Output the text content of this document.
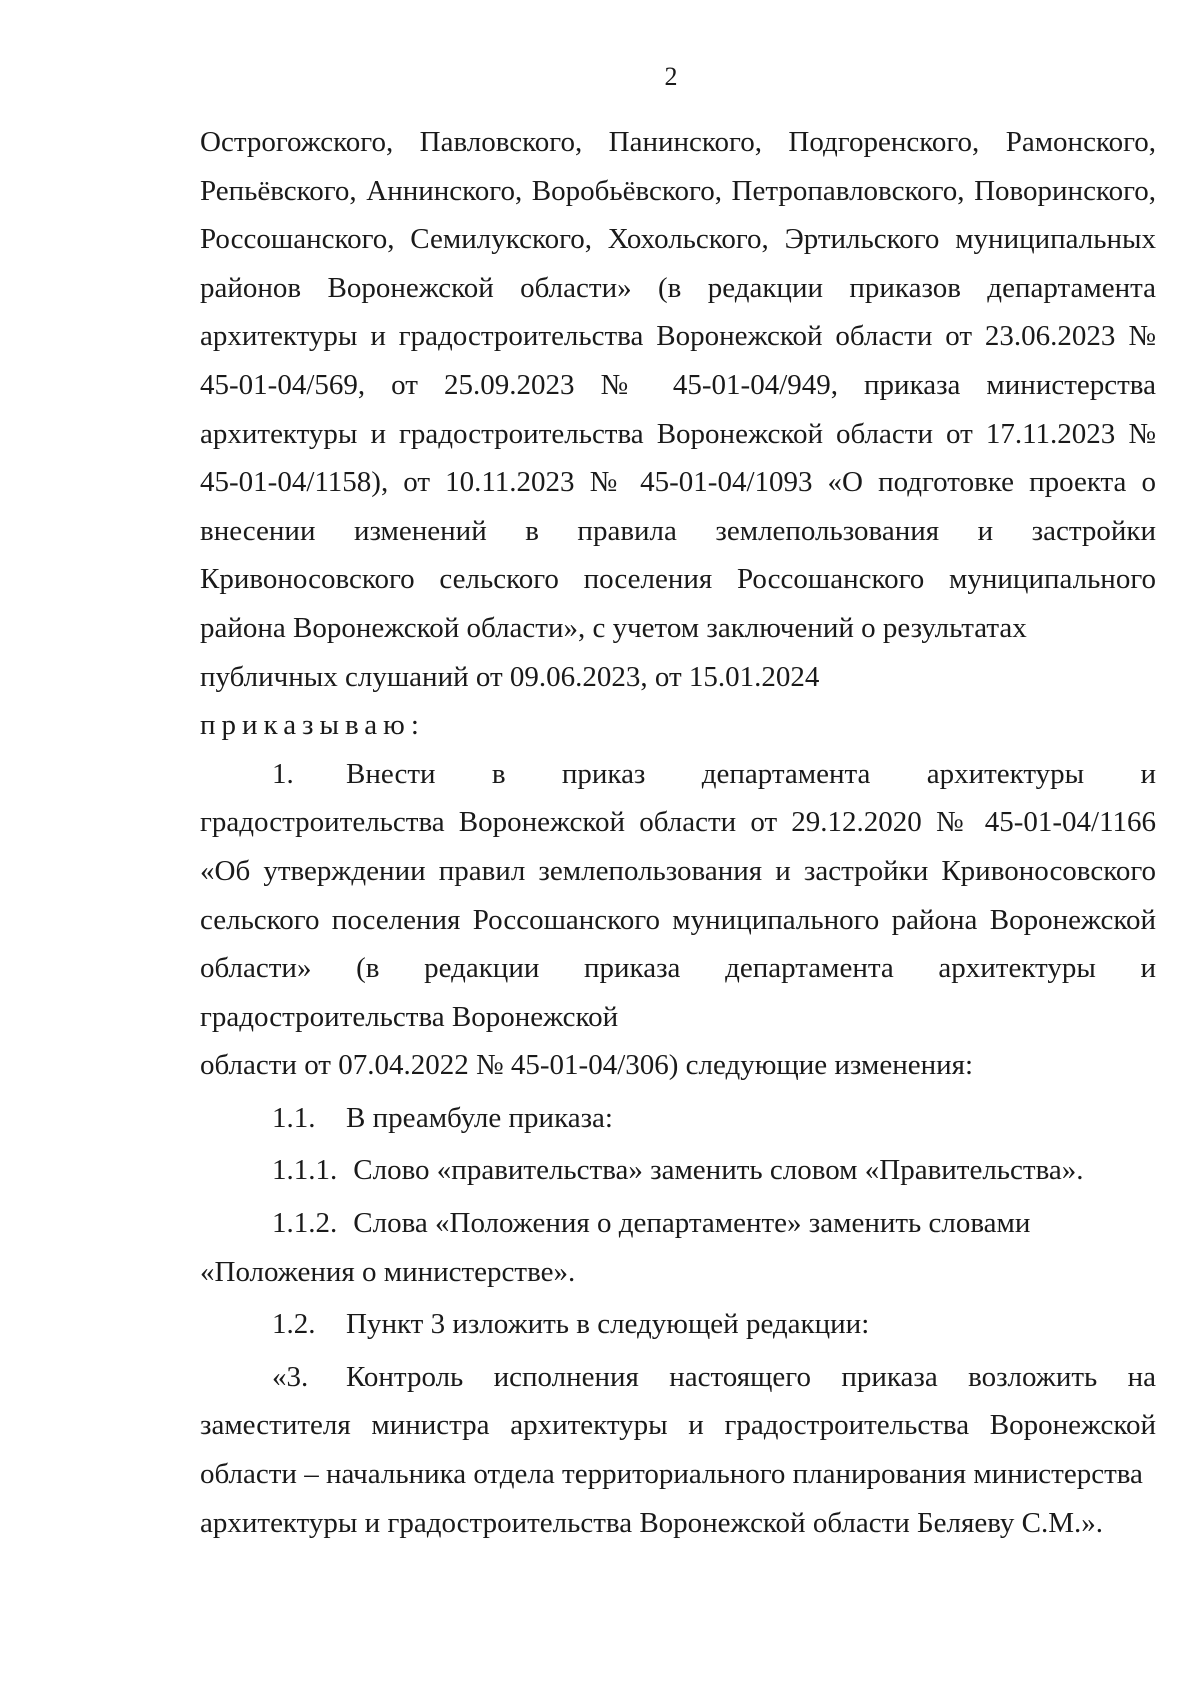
2

Острогожского, Павловского, Панинского, Подгоренского, Рамонского, Репьёвского, Аннинского, Воробьёвского, Петропавловского, Поворинского, Россошанского, Семилукского, Хохольского, Эртильского муниципальных районов Воронежской области» (в редакции приказов департамента архитектуры и градостроительства Воронежской области от 23.06.2023 № 45-01-04/569, от 25.09.2023 № 45-01-04/949, приказа министерства архитектуры и градостроительства Воронежской области от 17.11.2023 № 45-01-04/1158), от 10.11.2023 № 45-01-04/1093 «О подготовке проекта о внесении изменений в правила землепользования и застройки Кривоносовского сельского поселения Россошанского муниципального района Воронежской области», с учетом заключений о результатах

публичных слушаний от 09.06.2023, от 15.01.2024

приказываю:

1. Внести в приказ департамента архитектуры и градостроительства Воронежской области от 29.12.2020 № 45-01-04/1166 «Об утверждении правил землепользования и застройки Кривоносовского сельского поселения Россошанского муниципального района Воронежской области» (в редакции приказа департамента архитектуры и градостроительства Воронежской

области от 07.04.2022 № 45-01-04/306) следующие изменения:

1.1. В преамбуле приказа:

1.1.1. Слово «правительства» заменить словом «Правительства».

1.1.2. Слова «Положения о департаменте» заменить словами

«Положения о министерстве».

1.2. Пункт 3 изложить в следующей редакции:

«3. Контроль исполнения настоящего приказа возложить на заместителя министра архитектуры и градостроительства Воронежской области – начальника отдела территориального планирования министерства

архитектуры и градостроительства Воронежской области Беляеву С.М.».
